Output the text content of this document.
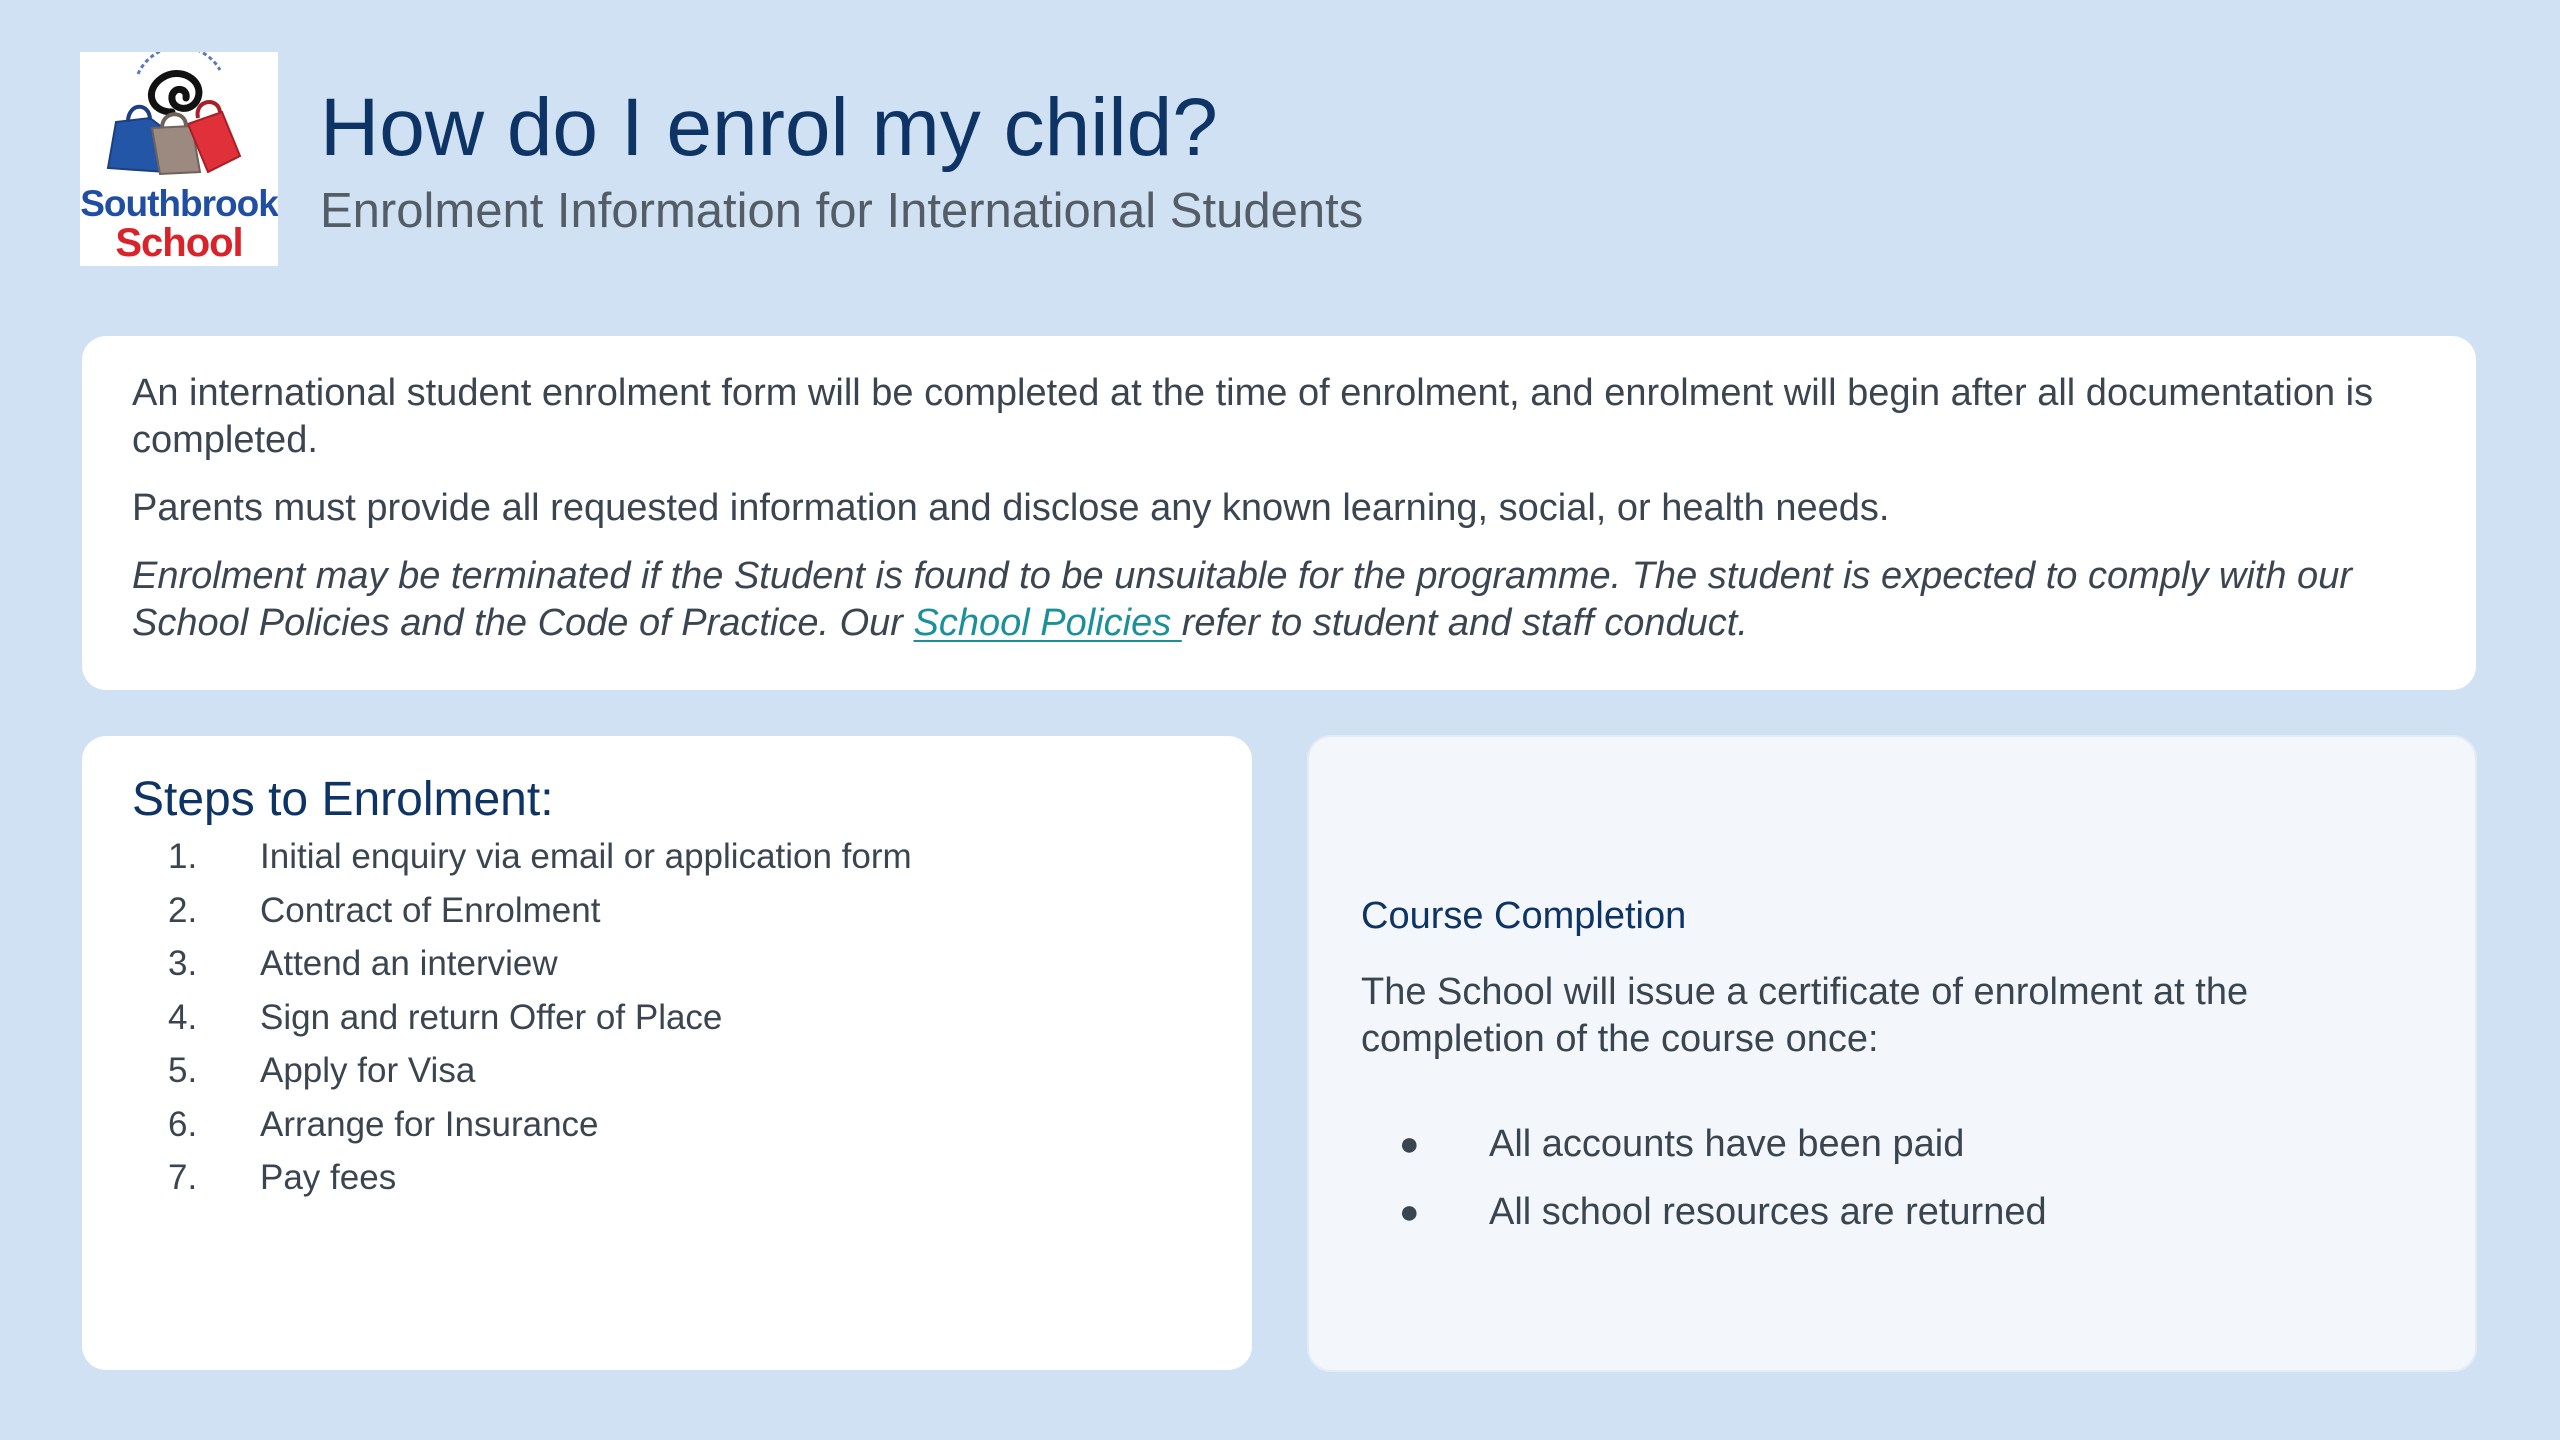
Southbrook
School
How do I enrol my child?
Enrolment Information for International Students

An international student enrolment form will be completed at the time of enrolment, and enrolment will begin after all documentation is completed.

Parents must provide all requested information and disclose any known learning, social, or health needs.

Enrolment may be terminated if the Student is found to be unsuitable for the programme. The student is expected to comply with our School Policies and the Code of Practice. Our School Policies refer to student and staff conduct.

Steps to Enrolment:
1.	Initial enquiry via email or application form
2.	Contract of Enrolment
3.	Attend an interview
4.	Sign and return Offer of Place
5.	Apply for Visa
6.	Arrange for Insurance
7.	Pay fees
Course Completion

The School will issue a certificate of enrolment at the completion of the course once:

●	All accounts have been paid
●	All school resources are returned
